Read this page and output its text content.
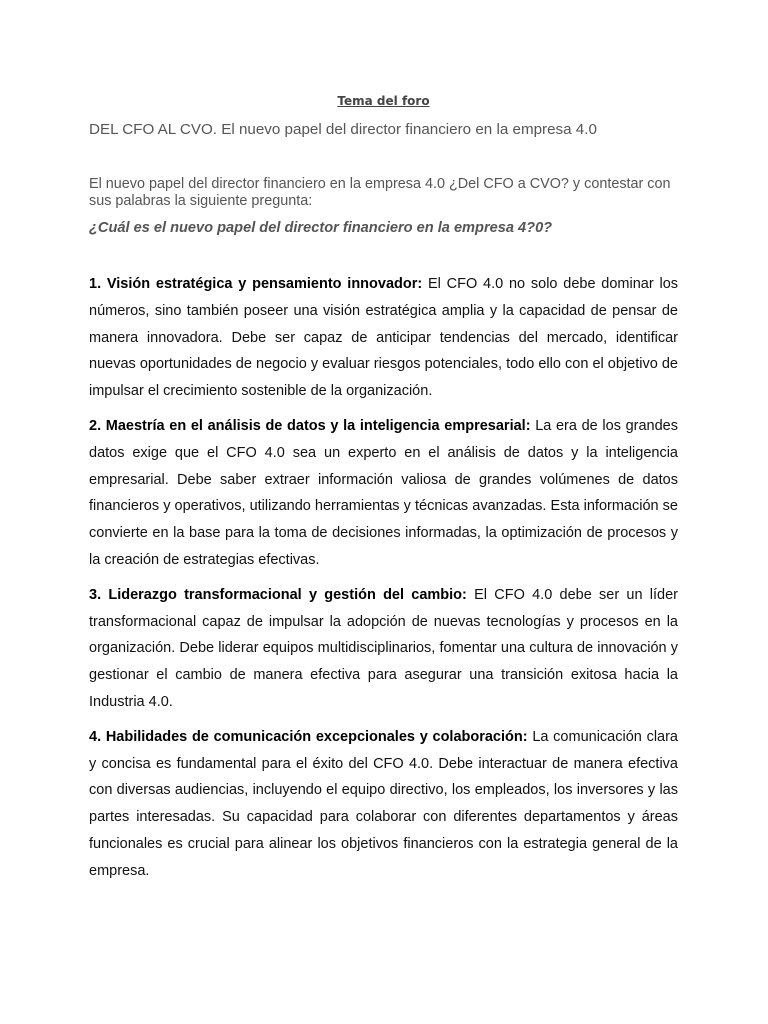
Tema del foro
DEL CFO AL CVO. El nuevo papel del director financiero en la empresa 4.0
El nuevo papel del director financiero en la empresa 4.0 ¿Del CFO a CVO? y contestar con sus palabras la siguiente pregunta:
¿Cuál es el nuevo papel del director financiero en la empresa 4?0?

1. Visión estratégica y pensamiento innovador: El CFO 4.0 no solo debe dominar los números, sino también poseer una visión estratégica amplia y la capacidad de pensar de manera innovadora. Debe ser capaz de anticipar tendencias del mercado, identificar nuevas oportunidades de negocio y evaluar riesgos potenciales, todo ello con el objetivo de impulsar el crecimiento sostenible de la organización.

2. Maestría en el análisis de datos y la inteligencia empresarial: La era de los grandes datos exige que el CFO 4.0 sea un experto en el análisis de datos y la inteligencia empresarial. Debe saber extraer información valiosa de grandes volúmenes de datos financieros y operativos, utilizando herramientas y técnicas avanzadas. Esta información se convierte en la base para la toma de decisiones informadas, la optimización de procesos y la creación de estrategias efectivas.

3. Liderazgo transformacional y gestión del cambio: El CFO 4.0 debe ser un líder transformacional capaz de impulsar la adopción de nuevas tecnologías y procesos en la organización. Debe liderar equipos multidisciplinarios, fomentar una cultura de innovación y gestionar el cambio de manera efectiva para asegurar una transición exitosa hacia la Industria 4.0.

4. Habilidades de comunicación excepcionales y colaboración: La comunicación clara y concisa es fundamental para el éxito del CFO 4.0. Debe interactuar de manera efectiva con diversas audiencias, incluyendo el equipo directivo, los empleados, los inversores y las partes interesadas. Su capacidad para colaborar con diferentes departamentos y áreas funcionales es crucial para alinear los objetivos financieros con la estrategia general de la empresa.
